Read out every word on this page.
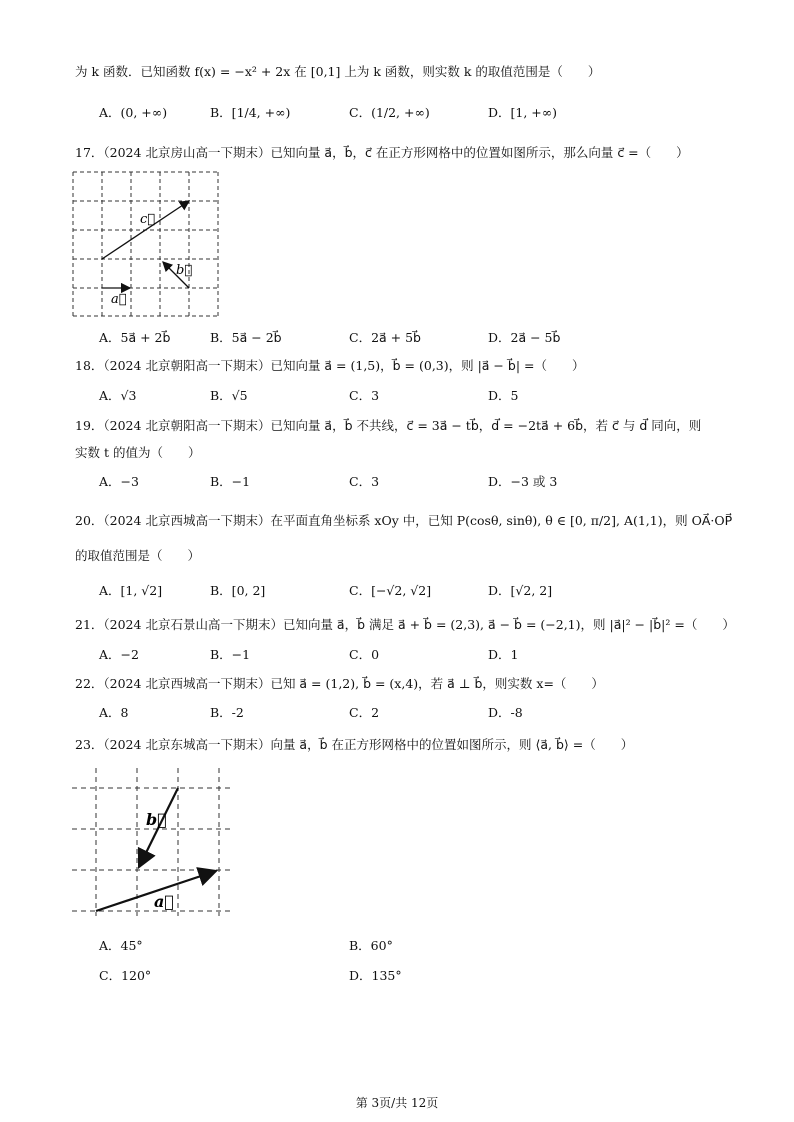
为 k 函数．已知函数 f(x) = −x² + 2x 在 [0,1] 上为 k 函数，则实数 k 的取值范围是（　　）
A．(0, +∞)	B．[1/4, +∞)	C．(1/2, +∞)	D．[1, +∞)
17．（2024 北京房山高一下期末）已知向量 a⃗，b⃗，c⃗ 在正方形网格中的位置如图所示，那么向量 c⃗ =（　　）
c⃗
b⃗
a⃗
A．5a⃗ + 2b⃗	B．5a⃗ − 2b⃗	C．2a⃗ + 5b⃗	D．2a⃗ − 5b⃗
18．（2024 北京朝阳高一下期末）已知向量 a⃗ = (1,5)，b⃗ = (0,3)，则 |a⃗ − b⃗| =（　　）
A．√3	B．√5	C．3	D．5
19．（2024 北京朝阳高一下期末）已知向量 a⃗，b⃗ 不共线，c⃗ = 3a⃗ − tb⃗，d⃗ = −2ta⃗ + 6b⃗，若 c⃗ 与 d⃗ 同向，则
实数 t 的值为（　　）
A．−3	B．−1	C．3	D．−3 或 3
20．（2024 北京西城高一下期末）在平面直角坐标系 xOy 中，已知 P(cosθ, sinθ), θ ∈ [0, π/2], A(1,1)，则 OA⃗·OP⃗
的取值范围是（　　）
A．[1, √2]	B．[0, 2]	C．[−√2, √2]	D．[√2, 2]
21．（2024 北京石景山高一下期末）已知向量 a⃗，b⃗ 满足 a⃗ + b⃗ = (2,3), a⃗ − b⃗ = (−2,1)，则 |a⃗|² − |b⃗|² =（　　）
A．−2	B．−1	C．0	D．1
22．（2024 北京西城高一下期末）已知 a⃗ = (1,2), b⃗ = (x,4)，若 a⃗ ⊥ b⃗，则实数 x=（　　）
A．8	B．-2	C．2	D．-8
23．（2024 北京东城高一下期末）向量 a⃗，b⃗ 在正方形网格中的位置如图所示，则 ⟨a⃗, b⃗⟩ =（　　）
b⃗
a⃗
A．45°	B．60°
C．120°	D．135°
第 3页/共 12页
